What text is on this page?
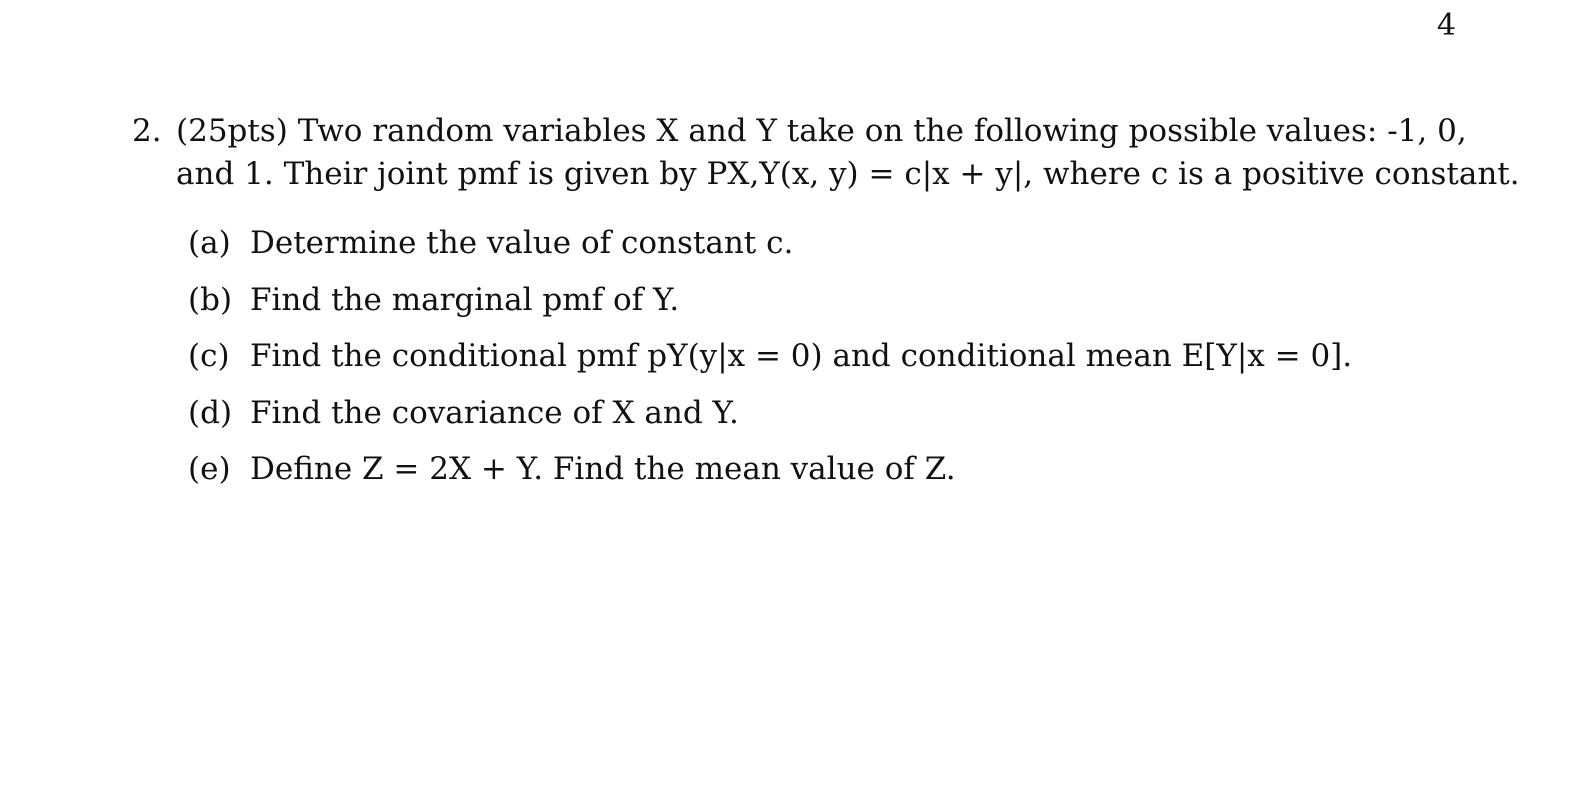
4
2. (25pts) Two random variables X and Y take on the following possible values: -1, 0,
and 1. Their joint pmf is given by PX,Y(x, y) = c|x + y|, where c is a positive constant.
(a) Determine the value of constant c.
(b) Find the marginal pmf of Y.
(c) Find the conditional pmf pY(y|x = 0) and conditional mean E[Y|x = 0].
(d) Find the covariance of X and Y.
(e) Define Z = 2X + Y. Find the mean value of Z.
